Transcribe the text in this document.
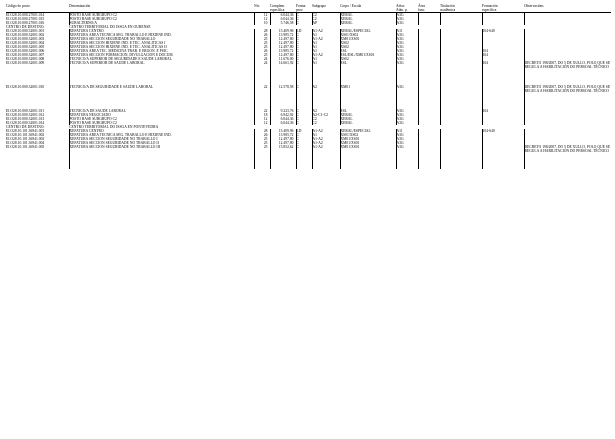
Código do posto	Denominación	Niv.	Complem.
específica	Forma
prov.	Subgrupo	Corpo / Escala	Adscr.
Adm. p.	Área
func.	Titulación
académica	Formación
específica	Observacións
EI.O28.10.000.27001.014	POSTO BASE SUBGRUPO C2	12	6.044,36	C	C2	XERAL	A3G				
EI.O28.10.000.27001.015	POSTO BASE SUBGRUPO C2	12	6.044,36	C	C2	XERAL	A3G				
EI.O28.10.000.27001.016	SUBALTERNO/A	10	5.746,58	C	AP	XERAL	A3G				
CENTRO DE DESTINO:	CENTRO TERRITORIAL DO ISSGA EN OURENSE										
EI.O28.10.000.32001.001	XEFATURA CENTRO	28	15.409,96	LD	A1-A2	XERAL/ESPECIAL	A11			104-640	
EI.O28.10.000.32001.002	XEFATURA ÁREA TÉCNICA SEG. TRABALLO E HIXIENE IND.	26	13.985,72	C	A1	XS01/XS02	A3G				
EI.O28.10.000.32001.003	XEFATURA SECCIÓN SEGURIDADE NO TRABALLO	25	12.497,80	C	A1-A2	XM01/XS01	A3G				
EI.O28.10.000.32001.004	XEFATURA SECCIÓN HIXIENE IND. E TEC. ANALÍTICAS I	25	12.497,80	C	A1	XS02	A3G				
EI.O28.10.000.32001.005	XEFATURA SECCIÓN HIXIENE IND. E TÉC. ANALÍTICAS II	25	12.497,80	C	A1	XS02	A3G				
EI.O28.10.000.32001.006	XEFATURA ÁREA TÉC. MEDICINA TRAB. E ERGON. E PSIC.	26	13.985,72	C	A1	ESL	A3G			104	
EI.O28.10.000.32001.007	XEFATURA SECCIÓN FORMACIÓN, DIVULGACIÓN E DOCUM.	25	12.497,80	C	A1-A2	ESL/ESL/XM01/XS01	A3G			104	
EI.O28.10.000.32001.008	TÉCNICO/A SUPERIOR DE SEGURIDADE E SAÚDE LABORAL	24	11.676,00	C	A1	XS02	A3G				
EI.O28.10.000.32001.009	TÉCNICO/A SUPERIOR DE SAÚDE LABORAL	24	14.661,92	C	A1	ESL	A3G			104	DECRETO 198/2007, DO 5 DE XULLO, POLO QUE SE REGULA A HABILITACIÓN DO PERSOAL TÉCNICO
EI.O28.10.000.32001.010	TÉCNICO/A DE SEGURIDADE E SAÚDE LABORAL	22	12.578,58	C	A2	XM01	A3G				DECRETO 198/2007, DO 5 DE XULLO, POLO QUE SE REGULA A HABILITACIÓN DO PERSOAL TÉCNICO
EI.O28.10.000.32001.011	TÉCNICO/A DE SAÚDE LABORAL	22	9.223,76	C	A2	ESL	A3G			104	
EI.O28.10.000.32001.012	XEFATURA NEGOCIADO	18	6.942,92	C	A2-C1-C2	XERAL	A3G				
EI.O28.10.000.32001.013	POSTO BASE SUBGRUPO C2	12	6.044,36	C	C2	XERAL	A3G				
EI.O28.10.000.32001.014	POSTO BASE SUBGRUPO C2	12	6.044,36	C	C2	XERAL	A3G				
CENTRO DE DESTINO:	CENTRO TERRITORIAL DO ISSGA EN PONTEVEDRA										
EI.O28.10.101.36941.001	XEFATURA CENTRO	28	15.409,96	LD	A1-A2	XERAL/ESPECIAL	A11			104-640	
EI.O28.10.101.36941.002	XEFATURA ÁREA TÉCNICA SEG. TRABALLO E HIXIENE IND.	26	13.985,72	C	A1	XS01/XS02	A3G				
EI.O28.10.101.36941.003	XEFATURA SECCIÓN SEGURIDADE NO TRABALLO I	25	12.497,80	C	A1-A2	XM01/XS01	A3G				
EI.O28.10.101.36941.004	XEFATURA SECCIÓN SEGURIDADE NO TRABALLO II	25	12.497,80	C	A1-A2	XM01/XS01	A3G				
EI.O28.10.101.36941.005	XEFATURA SECCIÓN SEGURIDADE NO TRABALLO III	25	15.852,62	C	A1-A2	XM01/XS01	A3G				DECRETO 198/2007, DO 5 DE XULLO, POLO QUE SE REGULA A HABILITACIÓN DO PERSOAL TÉCNICO
